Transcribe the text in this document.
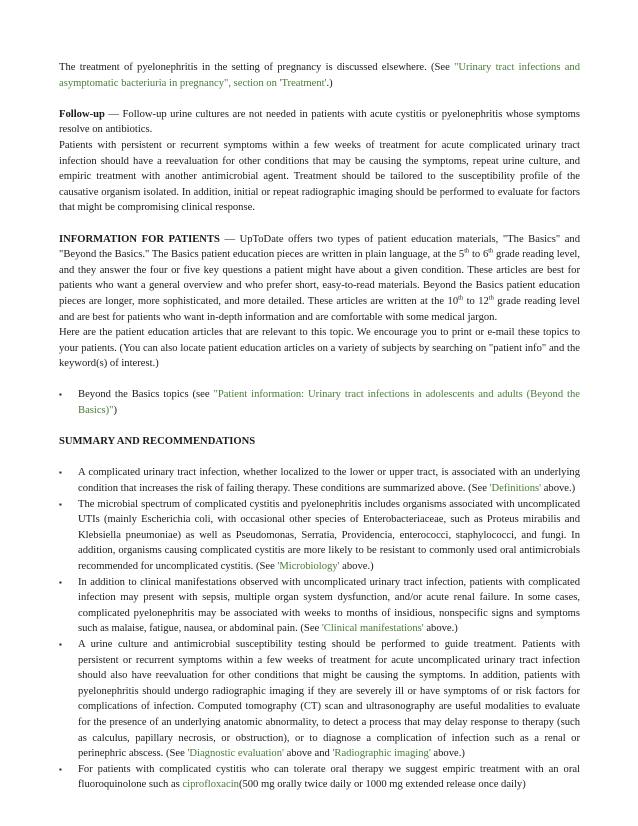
The treatment of pyelonephritis in the setting of pregnancy is discussed elsewhere. (See "Urinary tract infections and asymptomatic bacteriuria in pregnancy", section on 'Treatment'.)

Follow-up — Follow-up urine cultures are not needed in patients with acute cystitis or pyelonephritis whose symptoms resolve on antibiotics.

Patients with persistent or recurrent symptoms within a few weeks of treatment for acute complicated urinary tract infection should have a reevaluation for other conditions that may be causing the symptoms, repeat urine culture, and empiric treatment with another antimicrobial agent. Treatment should be tailored to the susceptibility profile of the causative organism isolated. In addition, initial or repeat radiographic imaging should be performed to evaluate for factors that might be compromising clinical response.

INFORMATION FOR PATIENTS — UpToDate offers two types of patient education materials, "The Basics" and "Beyond the Basics." The Basics patient education pieces are written in plain language, at the 5th to 6th grade reading level, and they answer the four or five key questions a patient might have about a given condition. These articles are best for patients who want a general overview and who prefer short, easy-to-read materials. Beyond the Basics patient education pieces are longer, more sophisticated, and more detailed. These articles are written at the 10th to 12th grade reading level and are best for patients who want in-depth information and are comfortable with some medical jargon.

Here are the patient education articles that are relevant to this topic. We encourage you to print or e-mail these topics to your patients. (You can also locate patient education articles on a variety of subjects by searching on "patient info" and the keyword(s) of interest.)

▪ Beyond the Basics topics (see "Patient information: Urinary tract infections in adolescents and adults (Beyond the Basics)")

SUMMARY AND RECOMMENDATIONS

▪ A complicated urinary tract infection, whether localized to the lower or upper tract, is associated with an underlying condition that increases the risk of failing therapy. These conditions are summarized above. (See 'Definitions' above.)
▪ The microbial spectrum of complicated cystitis and pyelonephritis includes organisms associated with uncomplicated UTIs (mainly Escherichia coli, with occasional other species of Enterobacteriaceae, such as Proteus mirabilis and Klebsiella pneumoniae) as well as Pseudomonas, Serratia, Providencia, enterococci, staphylococci, and fungi. In addition, organisms causing complicated cystitis are more likely to be resistant to commonly used oral antimicrobials recommended for uncomplicated cystitis. (See 'Microbiology' above.)
▪ In addition to clinical manifestations observed with uncomplicated urinary tract infection, patients with complicated infection may present with sepsis, multiple organ system dysfunction, and/or acute renal failure. In some cases, complicated pyelonephritis may be associated with weeks to months of insidious, nonspecific signs and symptoms such as malaise, fatigue, nausea, or abdominal pain. (See 'Clinical manifestations' above.)
▪ A urine culture and antimicrobial susceptibility testing should be performed to guide treatment. Patients with persistent or recurrent symptoms within a few weeks of treatment for acute uncomplicated urinary tract infection should also have reevaluation for other conditions that might be causing the symptoms. In addition, patients with pyelonephritis should undergo radiographic imaging if they are severely ill or have symptoms of or risk factors for complications of infection. Computed tomography (CT) scan and ultrasonography are useful modalities to evaluate for the presence of an underlying anatomic abnormality, to detect a process that may delay response to therapy (such as calculus, papillary necrosis, or obstruction), or to diagnose a complication of infection such as a renal or perinephric abscess. (See 'Diagnostic evaluation' above and 'Radiographic imaging' above.)
▪ For patients with complicated cystitis who can tolerate oral therapy we suggest empiric treatment with an oral fluoroquinolone such as ciprofloxacin(500 mg orally twice daily or 1000 mg extended release once daily)
